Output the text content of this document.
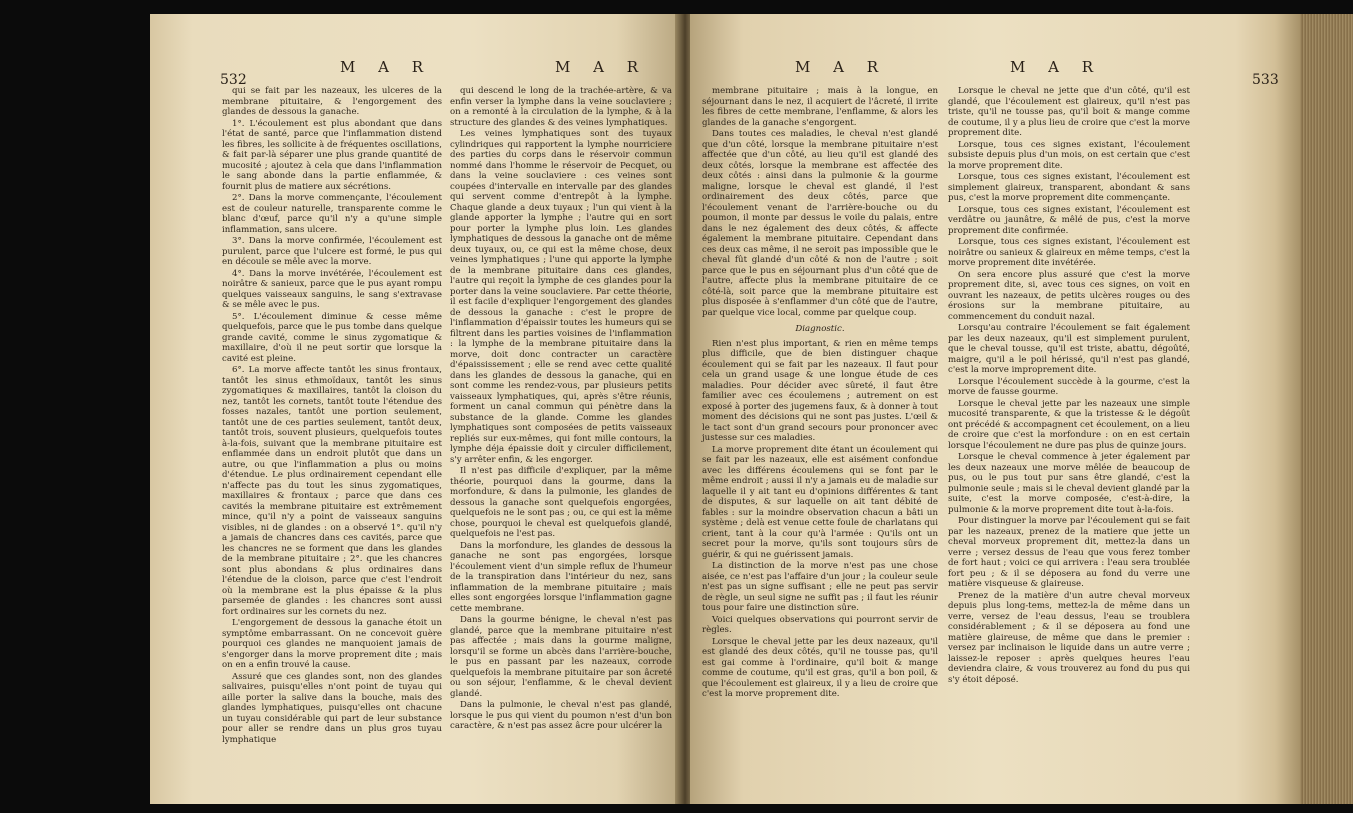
532
M A R	M A R

qui se fait par les nazeaux, les ulceres de la membrane pituitaire, & l'engorgement des glandes de dessous la ganache.

1°. L'écoulement est plus abondant que dans l'état de santé, parce que l'inflammation distend les fibres, les sollicite à de fréquentes oscillations, & fait par-là séparer une plus grande quantité de mucosité ; ajoutez à cela que dans l'inflammation le sang abonde dans la partie enflammée, & fournit plus de matiere aux sécrétions.

2°. Dans la morve commençante, l'écoulement est de couleur naturelle, transparente comme le blanc d'œuf, parce qu'il n'y a qu'une simple inflammation, sans ulcere.

3°. Dans la morve confirmée, l'écoulement est purulent, parce que l'ulcere est formé, le pus qui en découle se mêle avec la morve.

4°. Dans la morve invétérée, l'écoulement est noirâtre & sanieux, parce que le pus ayant rompu quelques vaisseaux sanguins, le sang s'extravase & se mêle avec le pus.

5°. L'écoulement diminue & cesse même quelquefois, parce que le pus tombe dans quelque grande cavité, comme le sinus zygomatique & maxillaire, d'où il ne peut sortir que lorsque la cavité est pleine.

6°. La morve affecte tantôt les sinus frontaux, tantôt les sinus ethmoïdaux, tantôt les sinus zygomatiques & maxillaires, tantôt la cloison du nez, tantôt les cornets, tantôt toute l'étendue des fosses nazales, tantôt une portion seulement, tantôt une de ces parties seulement, tantôt deux, tantôt trois, souvent plusieurs, quelquefois toutes à-la-fois, suivant que la membrane pituitaire est enflammée dans un endroit plutôt que dans un autre, ou que l'inflammation a plus ou moins d'étendue. Le plus ordinairement cependant elle n'affecte pas du tout les sinus zygomatiques, maxillaires & frontaux ; parce que dans ces cavités la membrane pituitaire est extrêmement mince, qu'il n'y a point de vaisseaux sanguins visibles, ni de glandes : on a observé 1°. qu'il n'y a jamais de chancres dans ces cavités, parce que les chancres ne se forment que dans les glandes de la membrane pituitaire ; 2°. que les chancres sont plus abondans & plus ordinaires dans l'étendue de la cloison, parce que c'est l'endroit où la membrane est la plus épaisse & la plus parsemée de glandes : les chancres sont aussi fort ordinaires sur les cornets du nez.

L'engorgement de dessous la ganache étoit un symptôme embarrassant. On ne concevoit guère pourquoi ces glandes ne manquoient jamais de s'engorger dans la morve proprement dite ; mais on en a enfin trouvé la cause.

Assuré que ces glandes sont, non des glandes salivaires, puisqu'elles n'ont point de tuyau qui aille porter la salive dans la bouche, mais des glandes lymphatiques, puisqu'elles ont chacune un tuyau considérable qui part de leur substance pour aller se rendre dans un plus gros tuyau lymphatique

qui descend le long de la trachée-artère, & va enfin verser la lymphe dans la veine souclaviere ; on a remonté à la circulation de la lymphe, & à la structure des glandes & des veines lymphatiques.

Les veines lymphatiques sont des tuyaux cylindriques qui rapportent la lymphe nourriciere des parties du corps dans le réservoir commun nommé dans l'homme le réservoir de Pecquet, ou dans la veine souclaviere : ces veines sont coupées d'intervalle en intervalle par des glandes qui servent comme d'entrepôt à la lymphe. Chaque glande a deux tuyaux ; l'un qui vient à la glande apporter la lymphe ; l'autre qui en sort pour porter la lymphe plus loin. Les glandes lymphatiques de dessous la ganache ont de même deux tuyaux, ou, ce qui est la même chose, deux veines lymphatiques ; l'une qui apporte la lymphe de la membrane pituitaire dans ces glandes, l'autre qui reçoit la lymphe de ces glandes pour la porter dans la veine souclaviere. Par cette théorie, il est facile d'expliquer l'engorgement des glandes de dessous la ganache : c'est le propre de l'inflammation d'épaissir toutes les humeurs qui se filtrent dans les parties voisines de l'inflammation : la lymphe de la membrane pituitaire dans la morve, doit donc contracter un caractère d'épaississement ; elle se rend avec cette qualité dans les glandes de dessous la ganache, qui en sont comme les rendez-vous, par plusieurs petits vaisseaux lymphatiques, qui, après s'être réunis, forment un canal commun qui pénètre dans la substance de la glande. Comme les glandes lymphatiques sont composées de petits vaisseaux repliés sur eux-mêmes, qui font mille contours, la lymphe déja épaissie doit y circuler difficilement, s'y arrêter enfin, & les engorger.

Il n'est pas difficile d'expliquer, par la même théorie, pourquoi dans la gourme, dans la morfondure, & dans la pulmonie, les glandes de dessous la ganache sont quelquefois engorgées, quelquefois ne le sont pas ; ou, ce qui est la même chose, pourquoi le cheval est quelquefois glandé, quelquefois ne l'est pas.

Dans la morfondure, les glandes de dessous la ganache ne sont pas engorgées, lorsque l'écoulement vient d'un simple reflux de l'humeur de la transpiration dans l'intérieur du nez, sans inflammation de la membrane pituitaire ; mais elles sont engorgées lorsque l'inflammation gagne cette membrane.

Dans la gourme bénigne, le cheval n'est pas glandé, parce que la membrane pituitaire n'est pas affectée ; mais dans la gourme maligne, lorsqu'il se forme un abcès dans l'arrière-bouche, le pus en passant par les nazeaux, corrode quelquefois la membrane pituitaire par son âcreté ou son séjour, l'enflamme, & le cheval devient glandé.

Dans la pulmonie, le cheval n'est pas glandé, lorsque le pus qui vient du poumon n'est d'un bon caractère, & n'est pas assez âcre pour ulcérer la

M A R	M A R
533

membrane pituitaire ; mais à la longue, en séjournant dans le nez, il acquiert de l'âcreté, il irrite les fibres de cette membrane, l'enflamme, & alors les glandes de la ganache s'engorgent.

Dans toutes ces maladies, le cheval n'est glandé que d'un côté, lorsque la membrane pituitaire n'est affectée que d'un côté, au lieu qu'il est glandé des deux côtés, lorsque la membrane est affectée des deux côtés : ainsi dans la pulmonie & la gourme maligne, lorsque le cheval est glandé, il l'est ordinairement des deux côtés, parce que l'écoulement venant de l'arrière-bouche ou du poumon, il monte par dessus le voile du palais, entre dans le nez également des deux côtés, & affecte également la membrane pituitaire. Cependant dans ces deux cas même, il ne seroit pas impossible que le cheval fût glandé d'un côté & non de l'autre ; soit parce que le pus en séjournant plus d'un côté que de l'autre, affecte plus la membrane pituitaire de ce côté-là, soit parce que la membrane pituitaire est plus disposée à s'enflammer d'un côté que de l'autre, par quelque vice local, comme par quelque coup.

Diagnostic.

Rien n'est plus important, & rien en même temps plus difficile, que de bien distinguer chaque écoulement qui se fait par les nazeaux. Il faut pour cela un grand usage & une longue étude de ces maladies. Pour décider avec sûreté, il faut être familier avec ces écoulemens ; autrement on est exposé à porter des jugemens faux, & à donner à tout moment des décisions qui ne sont pas justes. L'œil & le tact sont d'un grand secours pour prononcer avec justesse sur ces maladies.

La morve proprement dite étant un écoulement qui se fait par les nazeaux, elle est aisément confondue avec les différens écoulemens qui se font par le même endroit ; aussi il n'y a jamais eu de maladie sur laquelle il y ait tant eu d'opinions différentes & tant de disputes, & sur laquelle on ait tant débité de fables : sur la moindre observation chacun a bâti un système ; delà est venue cette foule de charlatans qui crient, tant à la cour qu'à l'armée : Qu'ils ont un secret pour la morve, qu'ils sont toujours sûrs de guérir, & qui ne guérissent jamais.

La distinction de la morve n'est pas une chose aisée, ce n'est pas l'affaire d'un jour ; la couleur seule n'est pas un signe suffisant ; elle ne peut pas servir de règle, un seul signe ne suffit pas ; il faut les réunir tous pour faire une distinction sûre.

Voici quelques observations qui pourront servir de règles.

Lorsque le cheval jette par les deux nazeaux, qu'il est glandé des deux côtés, qu'il ne tousse pas, qu'il est gai comme à l'ordinaire, qu'il boit & mange comme de coutume, qu'il est gras, qu'il a bon poil, & que l'écoulement est glaireux, il y a lieu de croire que c'est la morve proprement dite.

Lorsque le cheval ne jette que d'un côté, qu'il est glandé, que l'écoulement est glaireux, qu'il n'est pas triste, qu'il ne tousse pas, qu'il boit & mange comme de coutume, il y a plus lieu de croire que c'est la morve proprement dite.

Lorsque, tous ces signes existant, l'écoulement subsiste depuis plus d'un mois, on est certain que c'est la morve proprement dite.

Lorsque, tous ces signes existant, l'écoulement est simplement glaireux, transparent, abondant & sans pus, c'est la morve proprement dite commençante.

Lorsque, tous ces signes existant, l'écoulement est verdâtre ou jaunâtre, & mêlé de pus, c'est la morve proprement dite confirmée.

Lorsque, tous ces signes existant, l'écoulement est noirâtre ou sanieux & glaireux en même temps, c'est la morve proprement dite invétérée.

On sera encore plus assuré que c'est la morve proprement dite, si, avec tous ces signes, on voit en ouvrant les nazeaux, de petits ulcères rouges ou des érosions sur la membrane pituitaire, au commencement du conduit nazal.

Lorsqu'au contraire l'écoulement se fait également par les deux nazeaux, qu'il est simplement purulent, que le cheval tousse, qu'il est triste, abattu, dégoûté, maigre, qu'il a le poil hérissé, qu'il n'est pas glandé, c'est la morve improprement dite.

Lorsque l'écoulement succède à la gourme, c'est la morve de fausse gourme.

Lorsque le cheval jette par les nazeaux une simple mucosité transparente, & que la tristesse & le dégoût ont précédé & accompagnent cet écoulement, on a lieu de croire que c'est la morfondure : on en est certain lorsque l'écoulement ne dure pas plus de quinze jours.

Lorsque le cheval commence à jeter également par les deux nazeaux une morve mêlée de beaucoup de pus, ou le pus tout pur sans être glandé, c'est la pulmonie seule ; mais si le cheval devient glandé par la suite, c'est la morve composée, c'est-à-dire, la pulmonie & la morve proprement dite tout à-la-fois.

Pour distinguer la morve par l'écoulement qui se fait par les nazeaux, prenez de la matiere que jette un cheval morveux proprement dit, mettez-la dans un verre ; versez dessus de l'eau que vous ferez tomber de fort haut ; voici ce qui arrivera : l'eau sera troublée fort peu ; & il se déposera au fond du verre une matière visqueuse & glaireuse.

Prenez de la matière d'un autre cheval morveux depuis plus long-tems, mettez-la de même dans un verre, versez de l'eau dessus, l'eau se troublera considérablement ; & il se déposera au fond une matière glaireuse, de même que dans le premier : versez par inclinaison le liquide dans un autre verre ; laissez-le reposer : après quelques heures l'eau deviendra claire, & vous trouverez au fond du pus qui s'y étoit déposé.
